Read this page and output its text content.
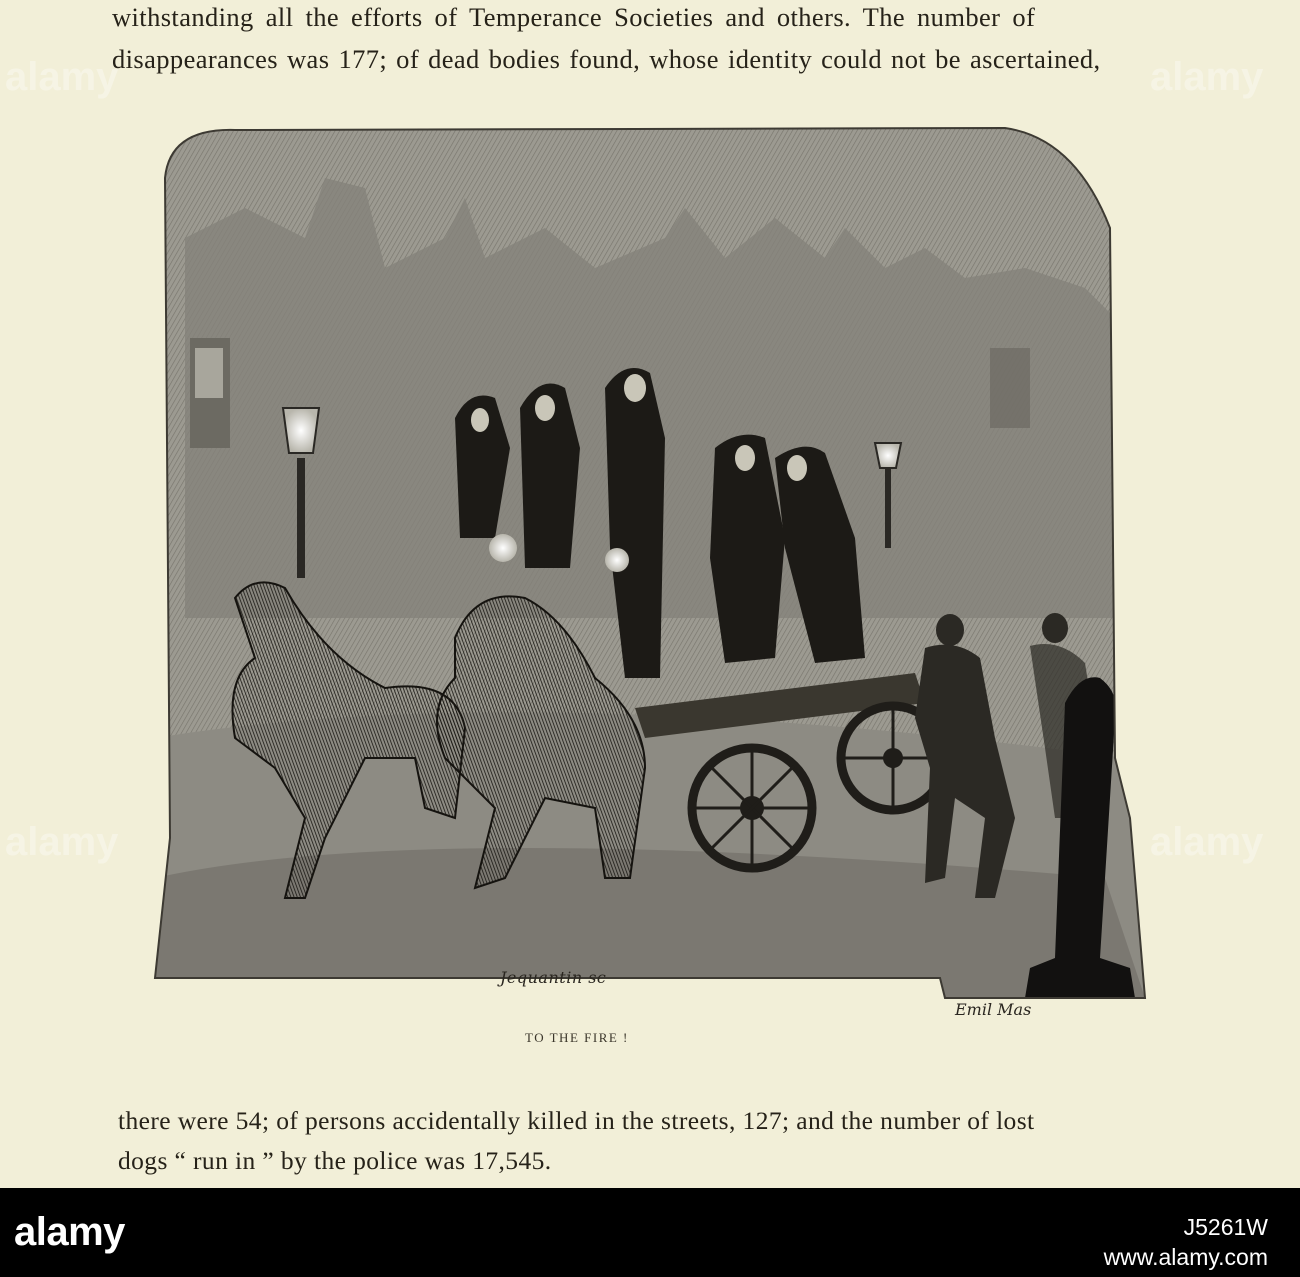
withstanding all the efforts of Temperance Societies and others. The number of
disappearances was 177; of dead bodies found, whose identity could not be ascertained,
Jequantin sc
Emil Mas
TO THE FIRE !
there were 54; of persons accidentally killed in the streets, 127; and the number of lost
dogs “ run in ” by the police was 17,545.
alamy	alamy
alamy	alamy
alamy	J5261W
www.alamy.com
